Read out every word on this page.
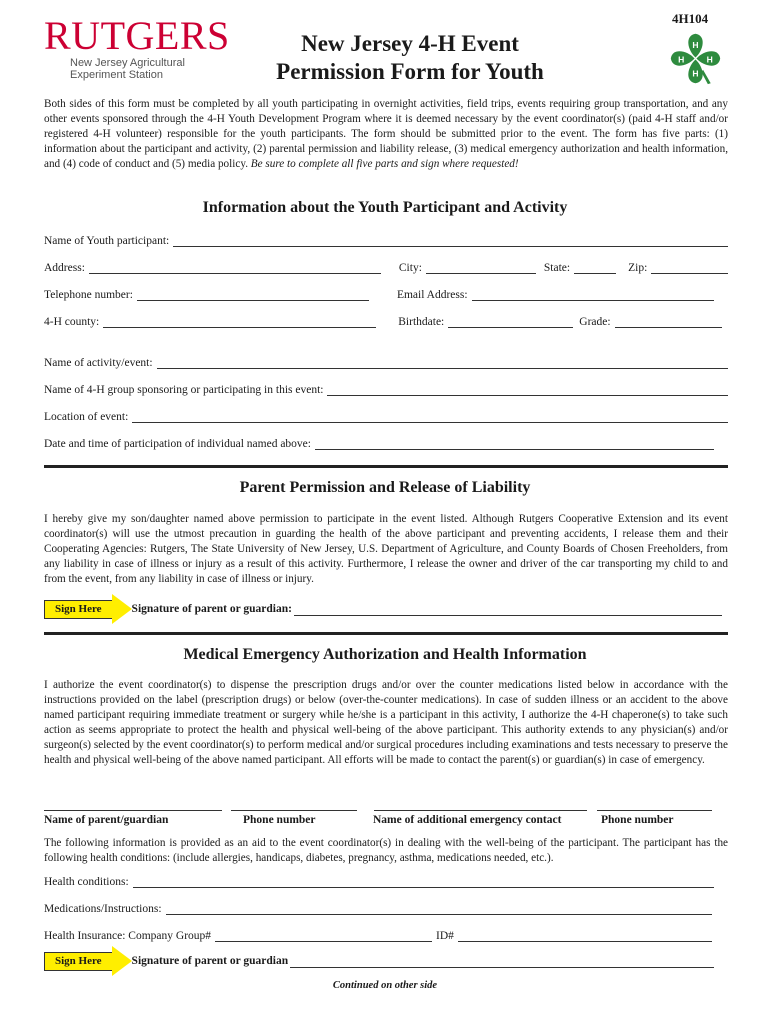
RUTGERS
New Jersey Agricultural
Experiment Station
4H104
New Jersey 4-H Event
Permission Form for Youth
H
H
H H
Both sides of this form must be completed by all youth participating in overnight activities, field trips, events requiring group transportation, and any other events sponsored through the 4-H Youth Development Program where it is deemed necessary by the event coordinator(s) (paid 4-H staff and/or registered 4-H volunteer) responsible for the youth participants. The form should be submitted prior to the event. The form has five parts: (1) information about the participant and activity, (2) parental permission and liability release, (3) medical emergency authorization and health information, and (4) code of conduct and (5) media policy. Be sure to complete all five parts and sign where requested!
Information about the Youth Participant and Activity
Name of Youth participant:
Address:	City:	State:	Zip:
Telephone number:	Email Address:
4-H county:	Birthdate:	Grade:
Name of activity/event:
Name of 4-H group sponsoring or participating in this event:
Location of event:
Date and time of participation of individual named above:
Parent Permission and Release of Liability
I hereby give my son/daughter named above permission to participate in the event listed. Although Rutgers Cooperative Extension and its event coordinator(s) will use the utmost precaution in guarding the health of the above participant and preventing accidents, I release them and their Cooperating Agencies: Rutgers, The State University of New Jersey, U.S. Department of Agriculture, and County Boards of Chosen Freeholders, from any liability in case of illness or injury as a result of this activity. Furthermore, I release the owner and driver of the car transporting my child to and from the event, from any liability in case of illness or injury.
Sign Here	Signature of parent or guardian:
Medical Emergency Authorization and Health Information
I authorize the event coordinator(s) to dispense the prescription drugs and/or over the counter medications listed below in accordance with the instructions provided on the label (prescription drugs) or below (over-the-counter medications). In case of sudden illness or an accident to the above named participant requiring immediate treatment or surgery while he/she is a participant in this activity, I authorize the 4-H chaperone(s) to take such action as seems appropriate to protect the health and physical well-being of the above participant. This authority extends to any physician(s) and/or surgeon(s) selected by the event coordinator(s) to perform medical and/or surgical procedures including examinations and tests necessary to preserve the health and physical well-being of the above named participant. All efforts will be made to contact the parent(s) or guardian(s) in case of emergency.
Name of parent/guardian	Phone number	Name of additional emergency contact	Phone number
The following information is provided as an aid to the event coordinator(s) in dealing with the well-being of the participant. The participant has the following health conditions: (include allergies, handicaps, diabetes, pregnancy, asthma, medications needed, etc.).
Health conditions:
Medications/Instructions:
Health Insurance: Company Group#	ID#
Sign Here	Signature of parent or guardian
Continued on other side
